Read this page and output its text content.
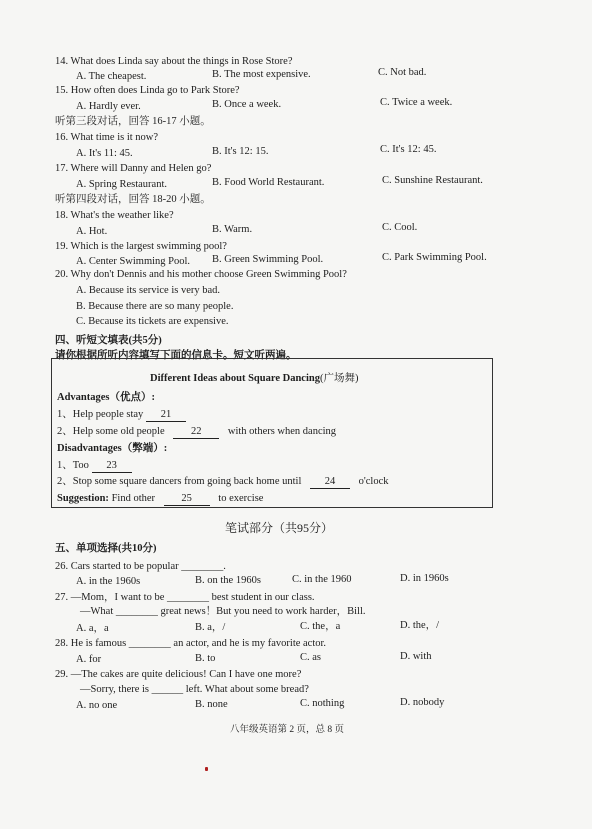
14. What does Linda say about the things in Rose Store?
A. The cheapest.	B. The most expensive.	C. Not bad.
15. How often does Linda go to Park Store?
A. Hardly ever.	B. Once a week.	C. Twice a week.
听第三段对话，回答 16-17 小题。
16. What time is it now?
A. It's 11: 45.	B. It's 12: 15.	C. It's 12: 45.
17. Where will Danny and Helen go?
A. Spring Restaurant.	B. Food World Restaurant.	C. Sunshine Restaurant.
听第四段对话，回答 18-20 小题。
18. What's the weather like?
A. Hot.	B. Warm.	C. Cool.
19. Which is the largest swimming pool?
A. Center Swimming Pool. B. Green Swimming Pool.	C. Park Swimming Pool.
20. Why don't Dennis and his mother choose Green Swimming Pool?
A. Because its service is very bad.
B. Because there are so many people.
C. Because its tickets are expensive.
四、听短文填表(共5分)
请你根据所听内容填写下面的信息卡。短文听两遍。
Different Ideas about Square Dancing(广场舞)
Advantages（优点）:
1、Help people stay 21
2、Help some old people	22	with others when dancing
Disadvantages（弊端）:
1、Too 23
2、Stop some square dancers from going back home until 24 o'clock
Suggestion: Find other	25	to exercise
笔试部分（共95分）
五、单项选择(共10分)
26. Cars started to be popular ________.
A. in the 1960s	B. on the 1960s	C. in the 1960	D. in 1960s
27. —Mom，I want to be ________ best student in our class.
—What ________ great news！But you need to work harder，Bill.
A. a，a	B. a，/	C. the，a	D. the，/
28. He is famous ________ an actor, and he is my favorite actor.
A. for	B. to	C. as	D. with
29. —The cakes are quite delicious! Can I have one more?
—Sorry, there is ______ left. What about some bread?
A. no one	B. none	C. nothing	D. nobody
八年级英语第 2 页，总 8 页
